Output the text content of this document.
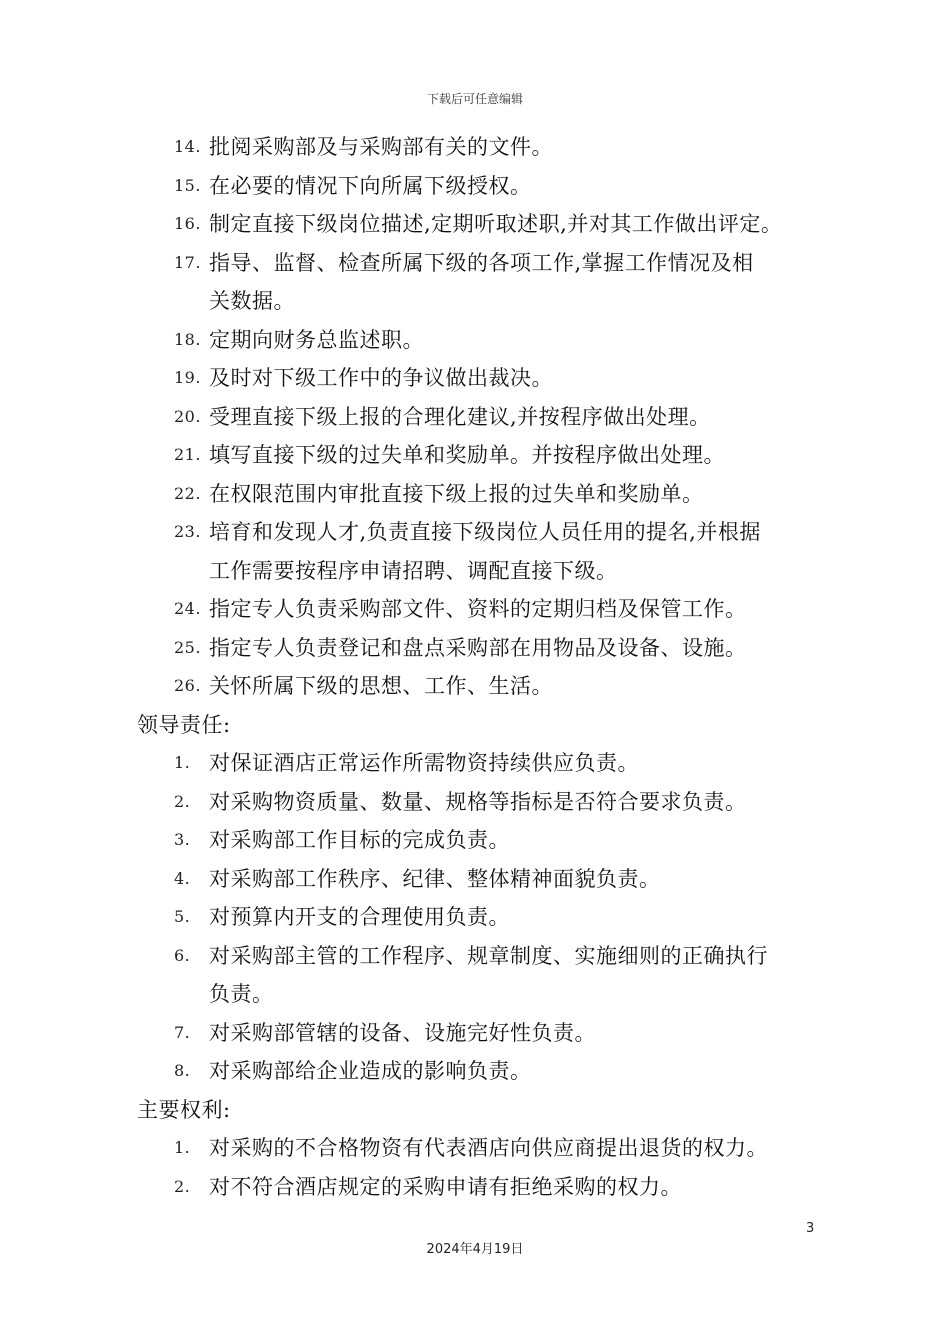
下载后可任意编辑
14. 批阅采购部及与采购部有关的文件。
15. 在必要的情况下向所属下级授权。
16. 制定直接下级岗位描述,定期听取述职,并对其工作做出评定。
17. 指导、监督、检查所属下级的各项工作,掌握工作情况及相
关数据。
18. 定期向财务总监述职。
19. 及时对下级工作中的争议做出裁决。
20. 受理直接下级上报的合理化建议,并按程序做出处理。
21. 填写直接下级的过失单和奖励单。并按程序做出处理。
22. 在权限范围内审批直接下级上报的过失单和奖励单。
23. 培育和发现人才,负责直接下级岗位人员任用的提名,并根据
工作需要按程序申请招聘、调配直接下级。
24. 指定专人负责采购部文件、资料的定期归档及保管工作。
25. 指定专人负责登记和盘点采购部在用物品及设备、设施。
26. 关怀所属下级的思想、工作、生活。
领导责任:
1. 对保证酒店正常运作所需物资持续供应负责。
2. 对采购物资质量、数量、规格等指标是否符合要求负责。
3. 对采购部工作目标的完成负责。
4. 对采购部工作秩序、纪律、整体精神面貌负责。
5. 对预算内开支的合理使用负责。
6. 对采购部主管的工作程序、规章制度、实施细则的正确执行
负责。
7. 对采购部管辖的设备、设施完好性负责。
8. 对采购部给企业造成的影响负责。
主要权利:
1. 对采购的不合格物资有代表酒店向供应商提出退货的权力。
2. 对不符合酒店规定的采购申请有拒绝采购的权力。
3
2024年4月19日
